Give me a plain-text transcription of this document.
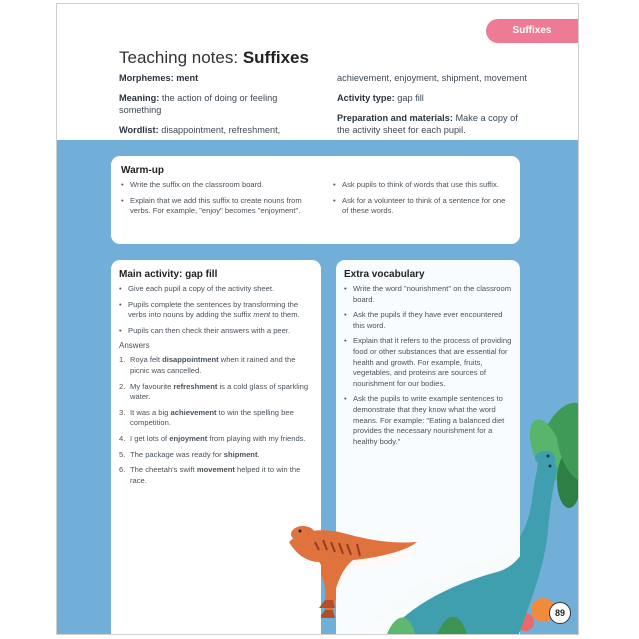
Suffixes
Teaching notes: Suffixes
Morphemes: ment
Meaning: the action of doing or feeling
something
Wordlist: disappointment, refreshment,
achievement, enjoyment, shipment, movement
Activity type: gap fill
Preparation and materials: Make a copy of
the activity sheet for each pupil.
Warm-up
• Write the suffix on the classroom board.
• Explain that we add this suffix to create nouns from verbs. For example, "enjoy" becomes "enjoyment".
• Ask pupils to think of words that use this suffix.
• Ask for a volunteer to think of a sentence for one of these words.
Main activity: gap fill
• Give each pupil a copy of the activity sheet.
• Pupils complete the sentences by transforming the verbs into nouns by adding the suffix ment to them.
• Pupils can then check their answers with a peer.
Answers
1. Roya felt disappointment when it rained and the picnic was cancelled.
2. My favourite refreshment is a cold glass of sparkling water.
3. It was a big achievement to win the spelling bee competition.
4. I get lots of enjoyment from playing with my friends.
5. The package was ready for shipment.
6. The cheetah's swift movement helped it to win the race.
Extra vocabulary
• Write the word "nourishment" on the classroom board.
• Ask the pupils if they have ever encountered this word.
• Explain that it refers to the process of providing food or other substances that are essential for health and growth. For example, fruits, vegetables, and proteins are sources of nourishment for our bodies.
• Ask the pupils to write example sentences to demonstrate that they know what the word means. For example: "Eating a balanced diet provides the necessary nourishment for a healthy body."
89
